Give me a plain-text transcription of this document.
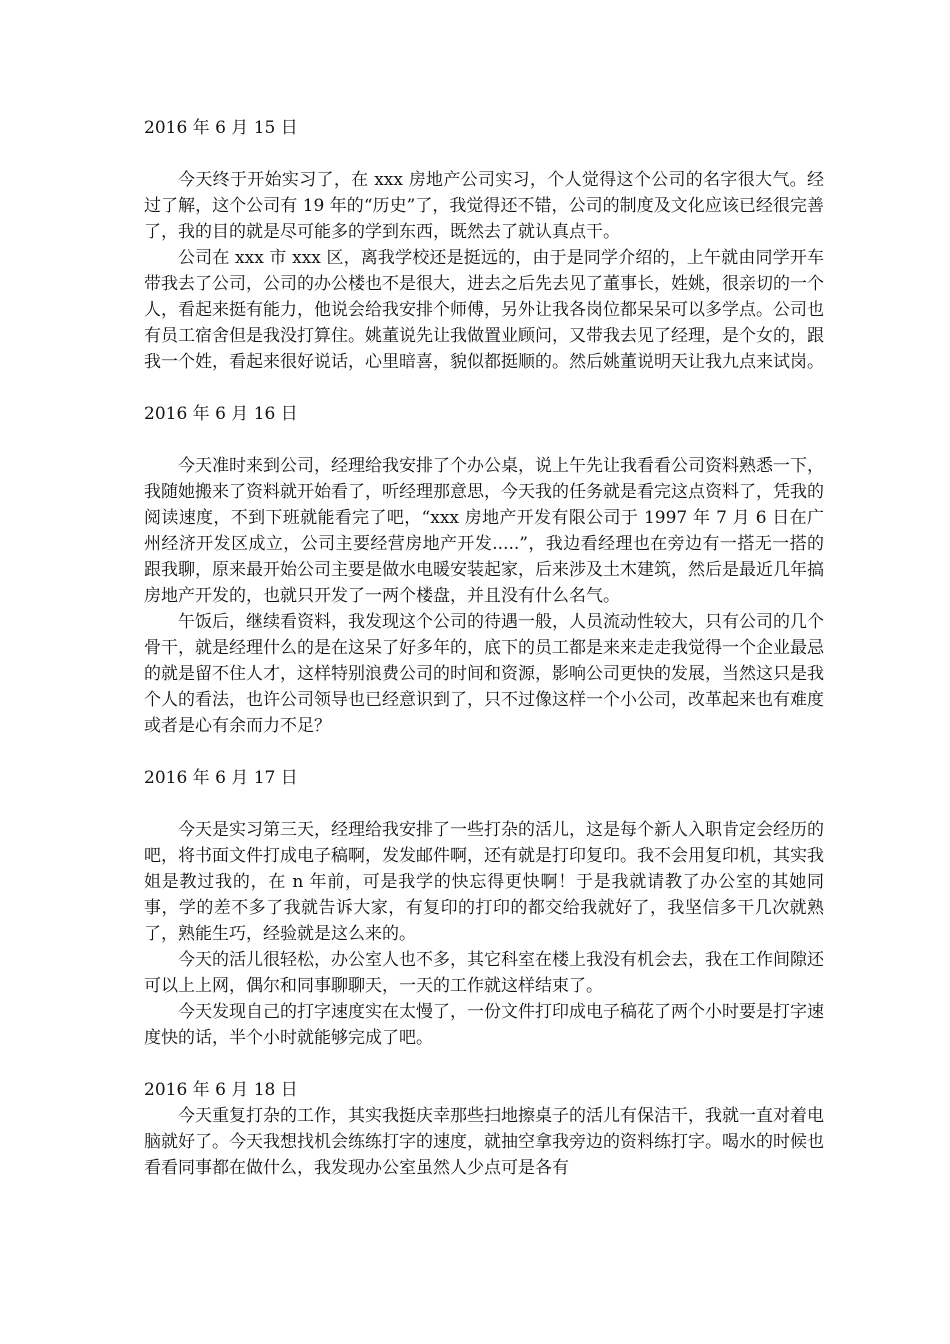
2016 年 6 月 15 日

今天终于开始实习了，在 xxx 房地产公司实习，个人觉得这个公司的名字很大气。经过了解，这个公司有 19 年的“历史”了，我觉得还不错，公司的制度及文化应该已经很完善了，我的目的就是尽可能多的学到东西，既然去了就认真点干。

公司在 xxx 市 xxx 区，离我学校还是挺远的，由于是同学介绍的，上午就由同学开车带我去了公司，公司的办公楼也不是很大，进去之后先去见了董事长，姓姚，很亲切的一个人，看起来挺有能力，他说会给我安排个师傅，另外让我各岗位都呆呆可以多学点。公司也有员工宿舍但是我没打算住。姚董说先让我做置业顾问，又带我去见了经理，是个女的，跟我一个姓，看起来很好说话，心里暗喜，貌似都挺顺的。然后姚董说明天让我九点来试岗。

2016 年 6 月 16 日

今天准时来到公司，经理给我安排了个办公桌，说上午先让我看看公司资料熟悉一下，我随她搬来了资料就开始看了，听经理那意思，今天我的任务就是看完这点资料了，凭我的阅读速度，不到下班就能看完了吧，“xxx 房地产开发有限公司于 1997 年 7 月 6 日在广州经济开发区成立，公司主要经营房地产开发.....”，我边看经理也在旁边有一搭无一搭的跟我聊，原来最开始公司主要是做水电暖安装起家，后来涉及土木建筑，然后是最近几年搞房地产开发的，也就只开发了一两个楼盘，并且没有什么名气。

午饭后，继续看资料，我发现这个公司的待遇一般，人员流动性较大，只有公司的几个骨干，就是经理什么的是在这呆了好多年的，底下的员工都是来来走走我觉得一个企业最忌的就是留不住人才，这样特别浪费公司的时间和资源，影响公司更快的发展，当然这只是我个人的看法，也许公司领导也已经意识到了，只不过像这样一个小公司，改革起来也有难度或者是心有余而力不足？

2016 年 6 月 17 日

今天是实习第三天，经理给我安排了一些打杂的活儿，这是每个新人入职肯定会经历的吧，将书面文件打成电子稿啊，发发邮件啊，还有就是打印复印。我不会用复印机，其实我姐是教过我的，在 n 年前，可是我学的快忘得更快啊！于是我就请教了办公室的其她同事，学的差不多了我就告诉大家，有复印的打印的都交给我就好了，我坚信多干几次就熟了，熟能生巧，经验就是这么来的。

今天的活儿很轻松，办公室人也不多，其它科室在楼上我没有机会去，我在工作间隙还可以上上网，偶尔和同事聊聊天，一天的工作就这样结束了。

今天发现自己的打字速度实在太慢了，一份文件打印成电子稿花了两个小时要是打字速度快的话，半个小时就能够完成了吧。

2016 年 6 月 18 日

今天重复打杂的工作，其实我挺庆幸那些扫地擦桌子的活儿有保洁干，我就一直对着电脑就好了。今天我想找机会练练打字的速度，就抽空拿我旁边的资料练打字。喝水的时候也看看同事都在做什么，我发现办公室虽然人少点可是各有
